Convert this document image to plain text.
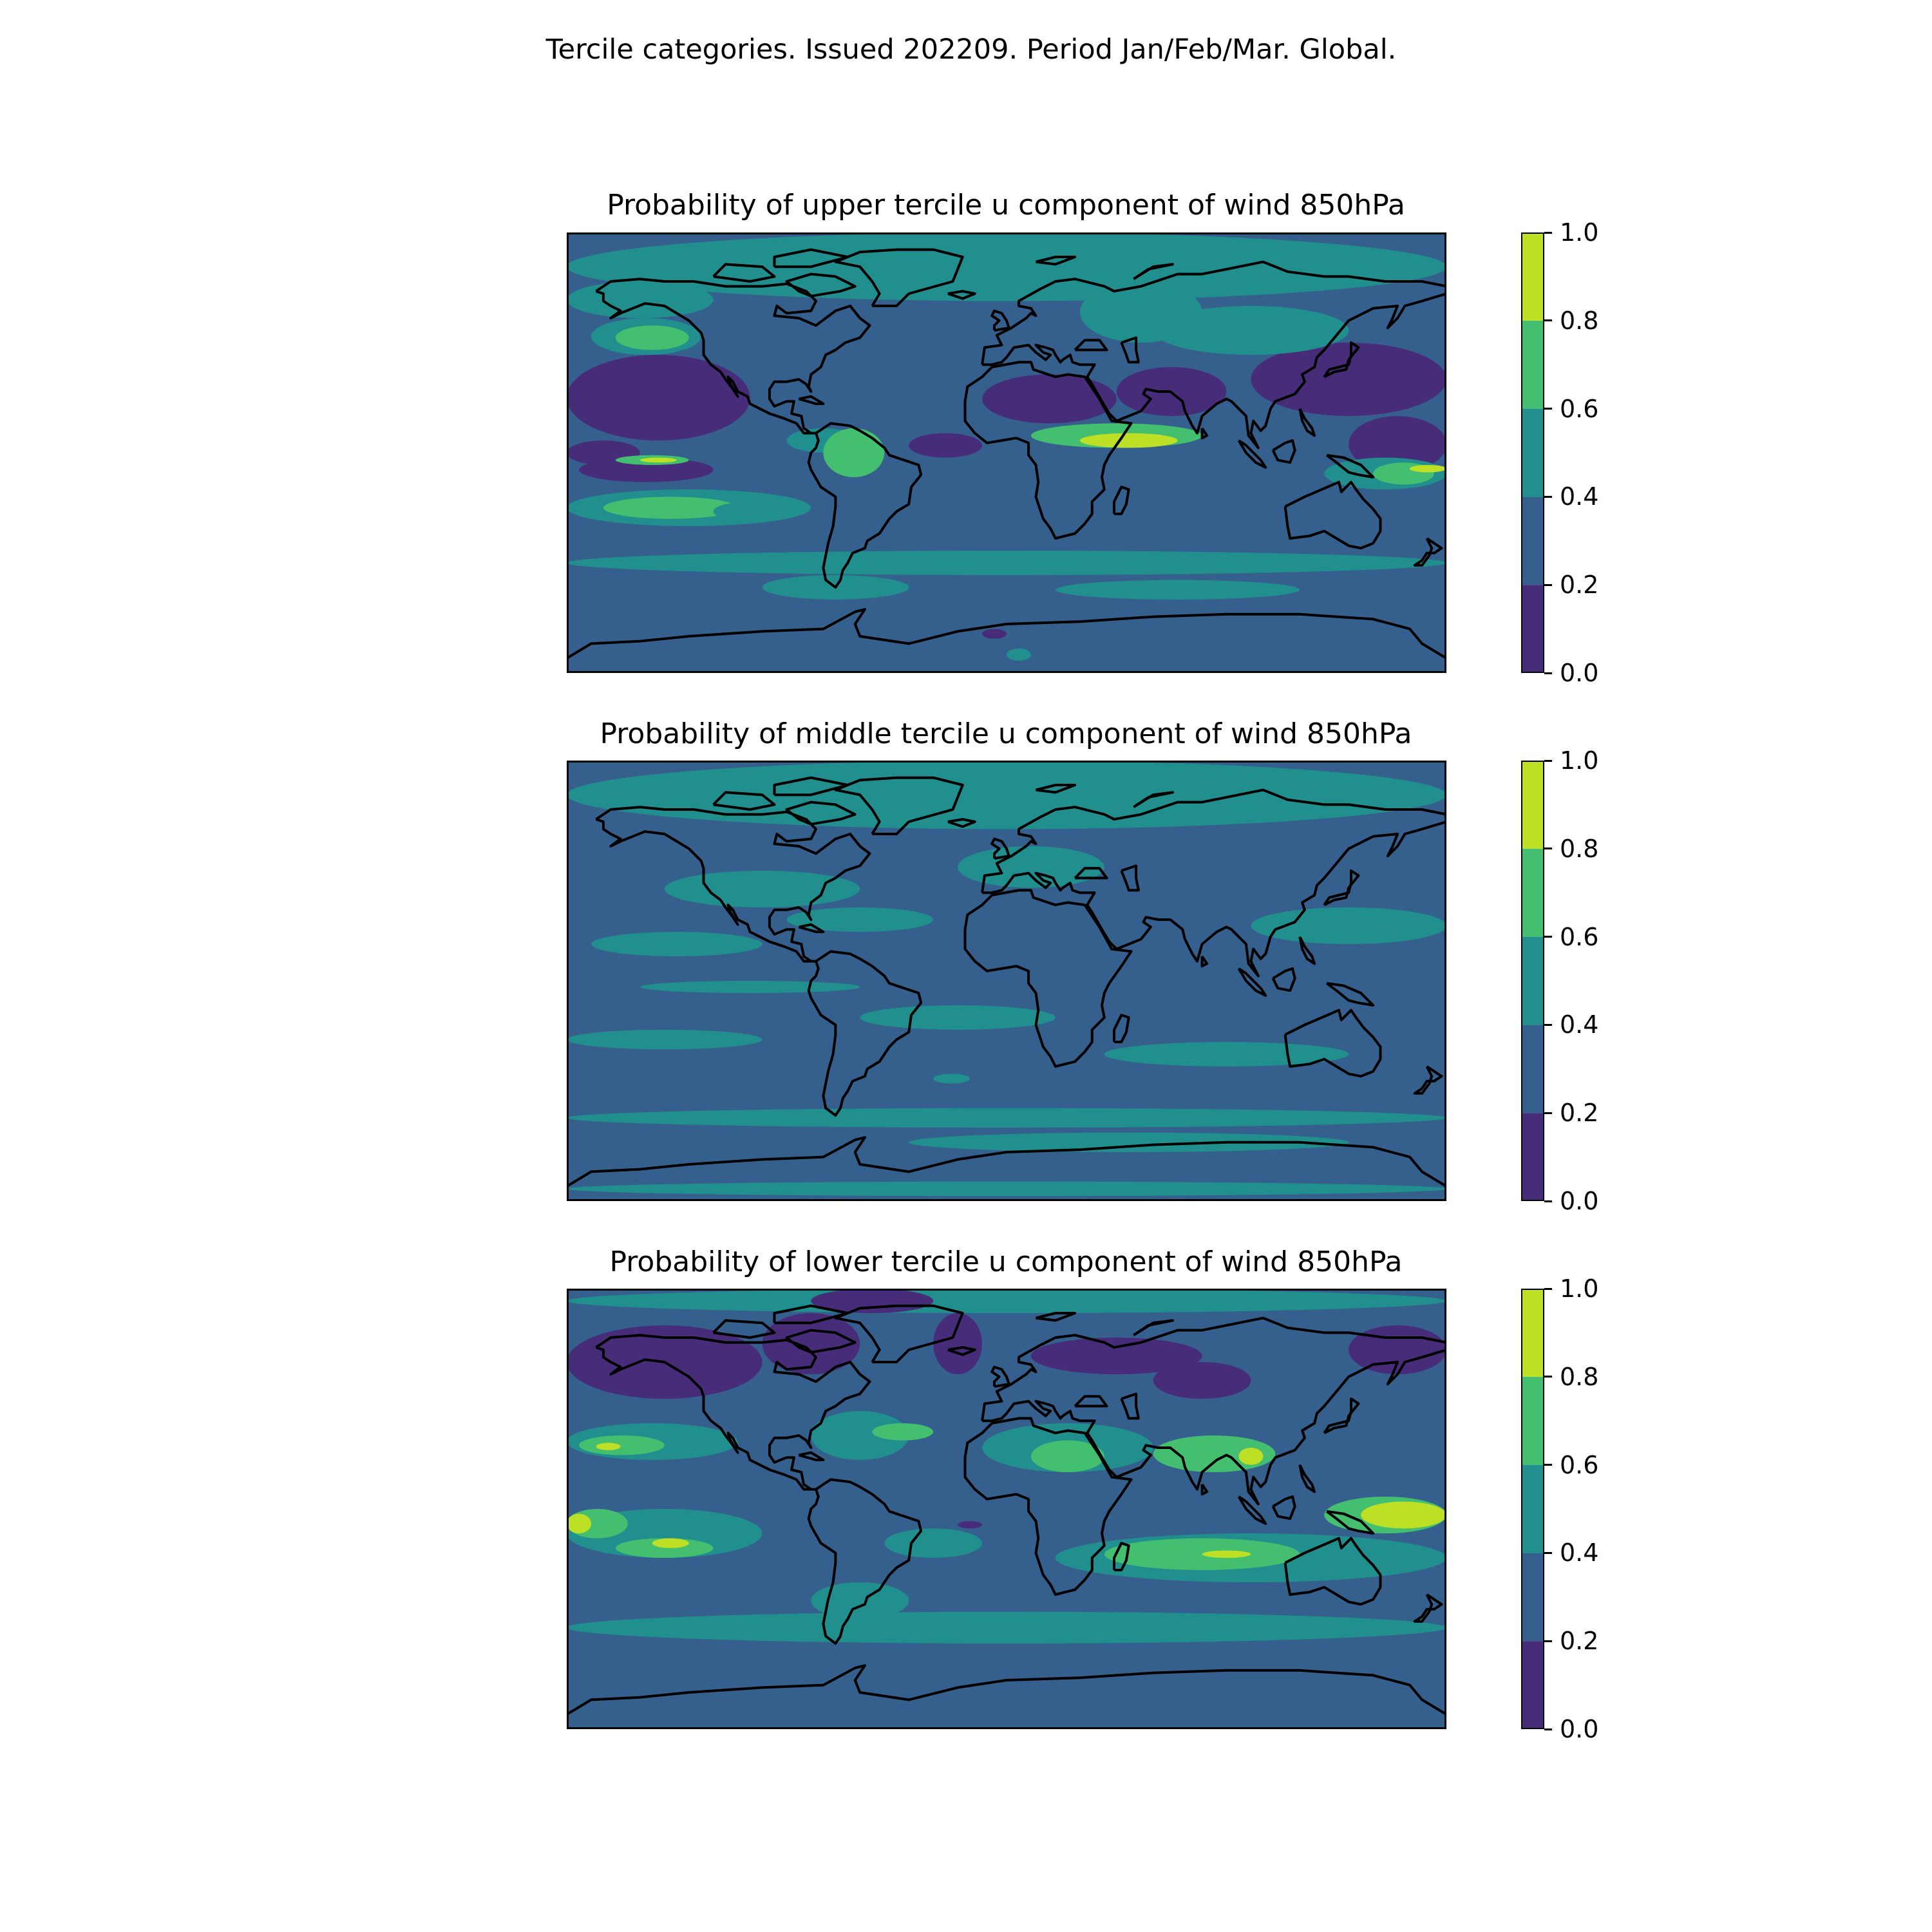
Tercile categories. Issued 202209. Period Jan/Feb/Mar. Global.
Probability of upper tercile u component of wind 850hPa
Probability of middle tercile u component of wind 850hPa
Probability of lower tercile u component of wind 850hPa
0.0
0.2
0.4
0.6
0.8
1.0
0.0
0.2
0.4
0.6
0.8
1.0
0.0
0.2
0.4
0.6
0.8
1.0
